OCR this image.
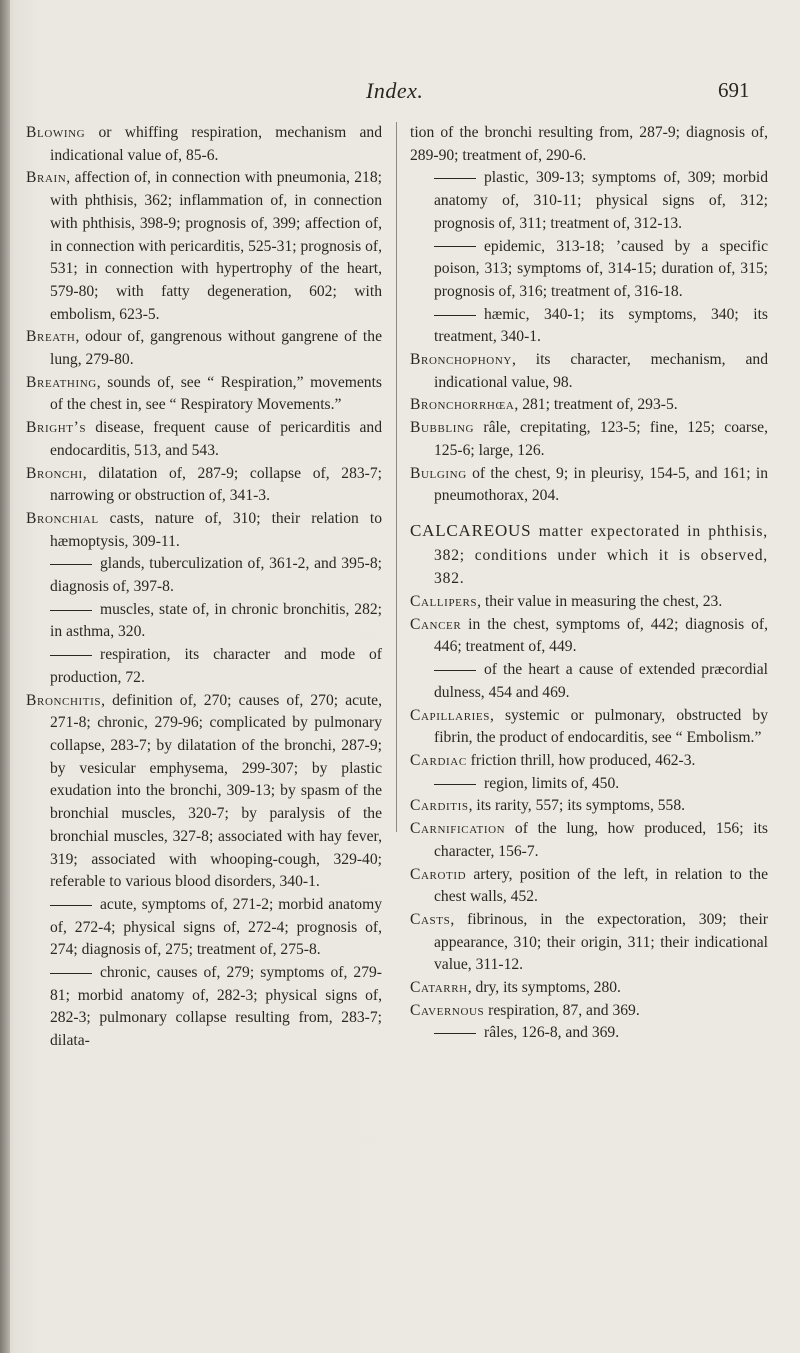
Index.	691

Blowing or whiffing respiration, mechanism and indicational value of, 85-6.

Brain, affection of, in connection with pneumonia, 218; with phthisis, 362; inflammation of, in connection with phthisis, 398-9; prognosis of, 399; affection of, in connection with pericarditis, 525-31; prognosis of, 531; in connection with hypertrophy of the heart, 579-80; with fatty degeneration, 602; with embolism, 623-5.

Breath, odour of, gangrenous without gangrene of the lung, 279-80.

Breathing, sounds of, see “ Respiration,” movements of the chest in, see “ Respiratory Movements.”

Bright’s disease, frequent cause of pericarditis and endocarditis, 513, and 543.

Bronchi, dilatation of, 287-9; collapse of, 283-7; narrowing or obstruction of, 341-3.

Bronchial casts, nature of, 310; their relation to hæmoptysis, 309-11.

glands, tuberculization of, 361-2, and 395-8; diagnosis of, 397-8.

muscles, state of, in chronic bronchitis, 282; in asthma, 320.

respiration, its character and mode of production, 72.

Bronchitis, definition of, 270; causes of, 270; acute, 271-8; chronic, 279-96; complicated by pulmonary collapse, 283-7; by dilatation of the bronchi, 287-9; by vesicular emphysema, 299-307; by plastic exudation into the bronchi, 309-13; by spasm of the bronchial muscles, 320-7; by paralysis of the bronchial muscles, 327-8; associated with hay fever, 319; associated with whooping-cough, 329-40; referable to various blood disorders, 340-1.

acute, symptoms of, 271-2; morbid anatomy of, 272-4; physical signs of, 272-4; prognosis of, 274; diagnosis of, 275; treatment of, 275-8.

chronic, causes of, 279; symptoms of, 279-81; morbid anatomy of, 282-3; physical signs of, 282-3; pulmonary collapse resulting from, 283-7; dilata-

tion of the bronchi resulting from, 287-9; diagnosis of, 289-90; treatment of, 290-6.

plastic, 309-13; symptoms of, 309; morbid anatomy of, 310-11; physical signs of, 312; prognosis of, 311; treatment of, 312-13.

epidemic, 313-18; ’caused by a specific poison, 313; symptoms of, 314-15; duration of, 315; prognosis of, 316; treatment of, 316-18.

hæmic, 340-1; its symptoms, 340; its treatment, 340-1.

Bronchophony, its character, mechanism, and indicational value, 98.

Bronchorrhœa, 281; treatment of, 293-5.

Bubbling râle, crepitating, 123-5; fine, 125; coarse, 125-6; large, 126.

Bulging of the chest, 9; in pleurisy, 154-5, and 161; in pneumothorax, 204.

CALCAREOUS matter expectorated in phthisis, 382; conditions under which it is observed, 382.

Callipers, their value in measuring the chest, 23.

Cancer in the chest, symptoms of, 442; diagnosis of, 446; treatment of, 449.

of the heart a cause of extended præcordial dulness, 454 and 469.

Capillaries, systemic or pulmonary, obstructed by fibrin, the product of endocarditis, see “ Embolism.”

Cardiac friction thrill, how produced, 462-3.

region, limits of, 450.

Carditis, its rarity, 557; its symptoms, 558.

Carnification of the lung, how produced, 156; its character, 156-7.

Carotid artery, position of the left, in relation to the chest walls, 452.

Casts, fibrinous, in the expectoration, 309; their appearance, 310; their origin, 311; their indicational value, 311-12.

Catarrh, dry, its symptoms, 280.

Cavernous respiration, 87, and 369.

râles, 126-8, and 369.
